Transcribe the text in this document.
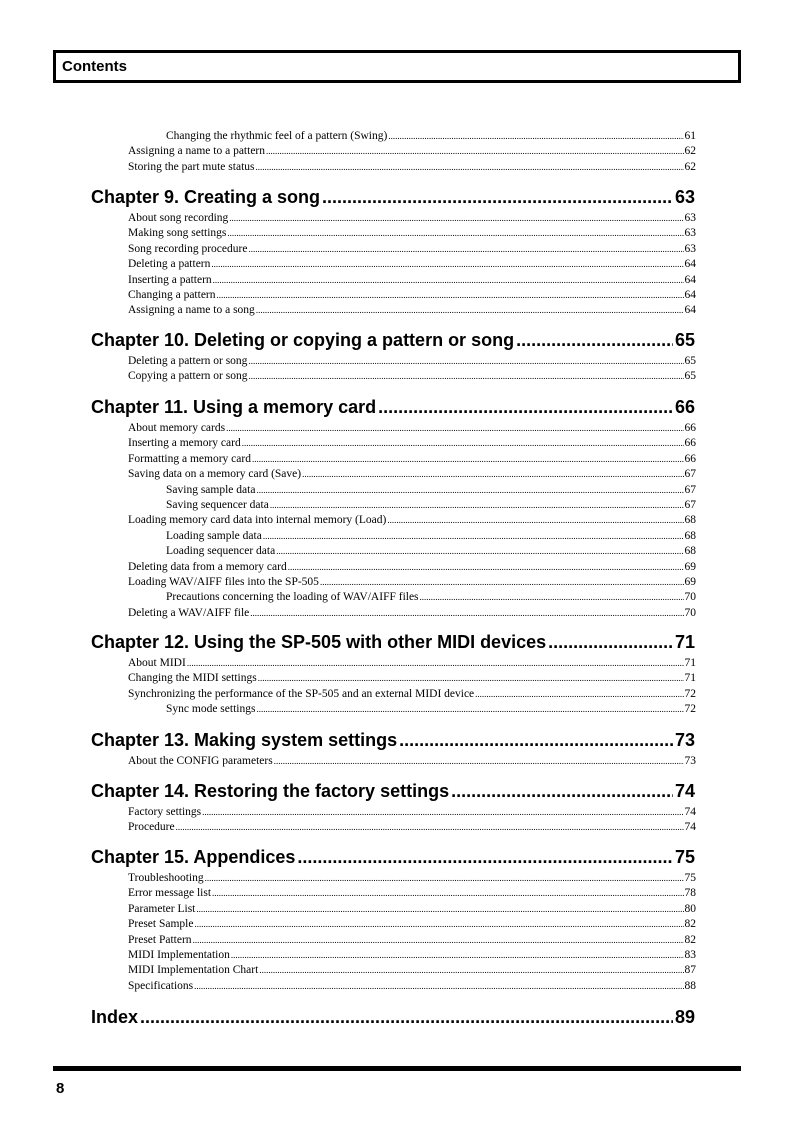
Contents
Changing the rhythmic feel of a pattern (Swing) .....	61
Assigning a name to a pattern .....	62
Storing the part mute status .....	62
Chapter 9. Creating a song .....	63
About song recording .....	63
Making song settings .....	63
Song recording procedure .....	63
Deleting a pattern .....	64
Inserting a pattern .....	64
Changing a pattern .....	64
Assigning a name to a song .....	64
Chapter 10. Deleting or copying a pattern or song .....	65
Deleting a pattern or song .....	65
Copying a pattern or song .....	65
Chapter 11. Using a memory card .....	66
About memory cards .....	66
Inserting a memory card .....	66
Formatting a memory card .....	66
Saving data on a memory card (Save) .....	67
Saving sample data .....	67
Saving sequencer data .....	67
Loading memory card data into internal memory (Load) .....	68
Loading sample data .....	68
Loading sequencer data .....	68
Deleting data from a memory card .....	69
Loading WAV/AIFF files into the SP-505 .....	69
Precautions concerning the loading of WAV/AIFF files .....	70
Deleting a WAV/AIFF file .....	70
Chapter 12. Using the SP-505 with other MIDI devices .....	71
About MIDI .....	71
Changing the MIDI settings .....	71
Synchronizing the performance of the SP-505 and an external MIDI device .....	72
Sync mode settings .....	72
Chapter 13. Making system settings .....	73
About the CONFIG parameters .....	73
Chapter 14. Restoring the factory settings .....	74
Factory settings .....	74
Procedure .....	74
Chapter 15. Appendices .....	75
Troubleshooting .....	75
Error message list .....	78
Parameter List .....	80
Preset Sample .....	82
Preset Pattern .....	82
MIDI Implementation .....	83
MIDI Implementation Chart .....	87
Specifications .....	88
Index .....	89
8
